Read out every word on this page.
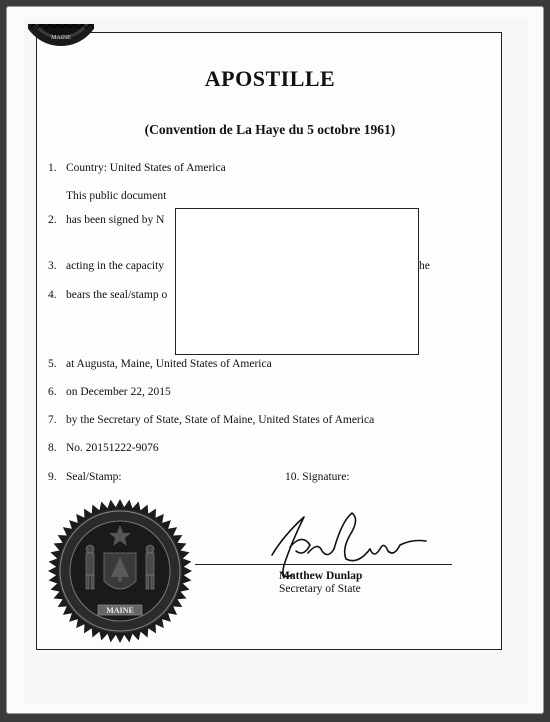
MAINE
APOSTILLE
(Convention de La Haye du 5 octobre 1961)
1. Country: United States of America
This public document
2. has been signed by N
3. acting in the capacity	he
4. bears the seal/stamp o
5. at Augusta, Maine, United States of America
6. on December 22, 2015
7. by the Secretary of State, State of Maine, United States of America
8. No. 20151222-9076
9. Seal/Stamp:	10. Signature:
MAINE
Matthew Dunlap
Secretary of State
